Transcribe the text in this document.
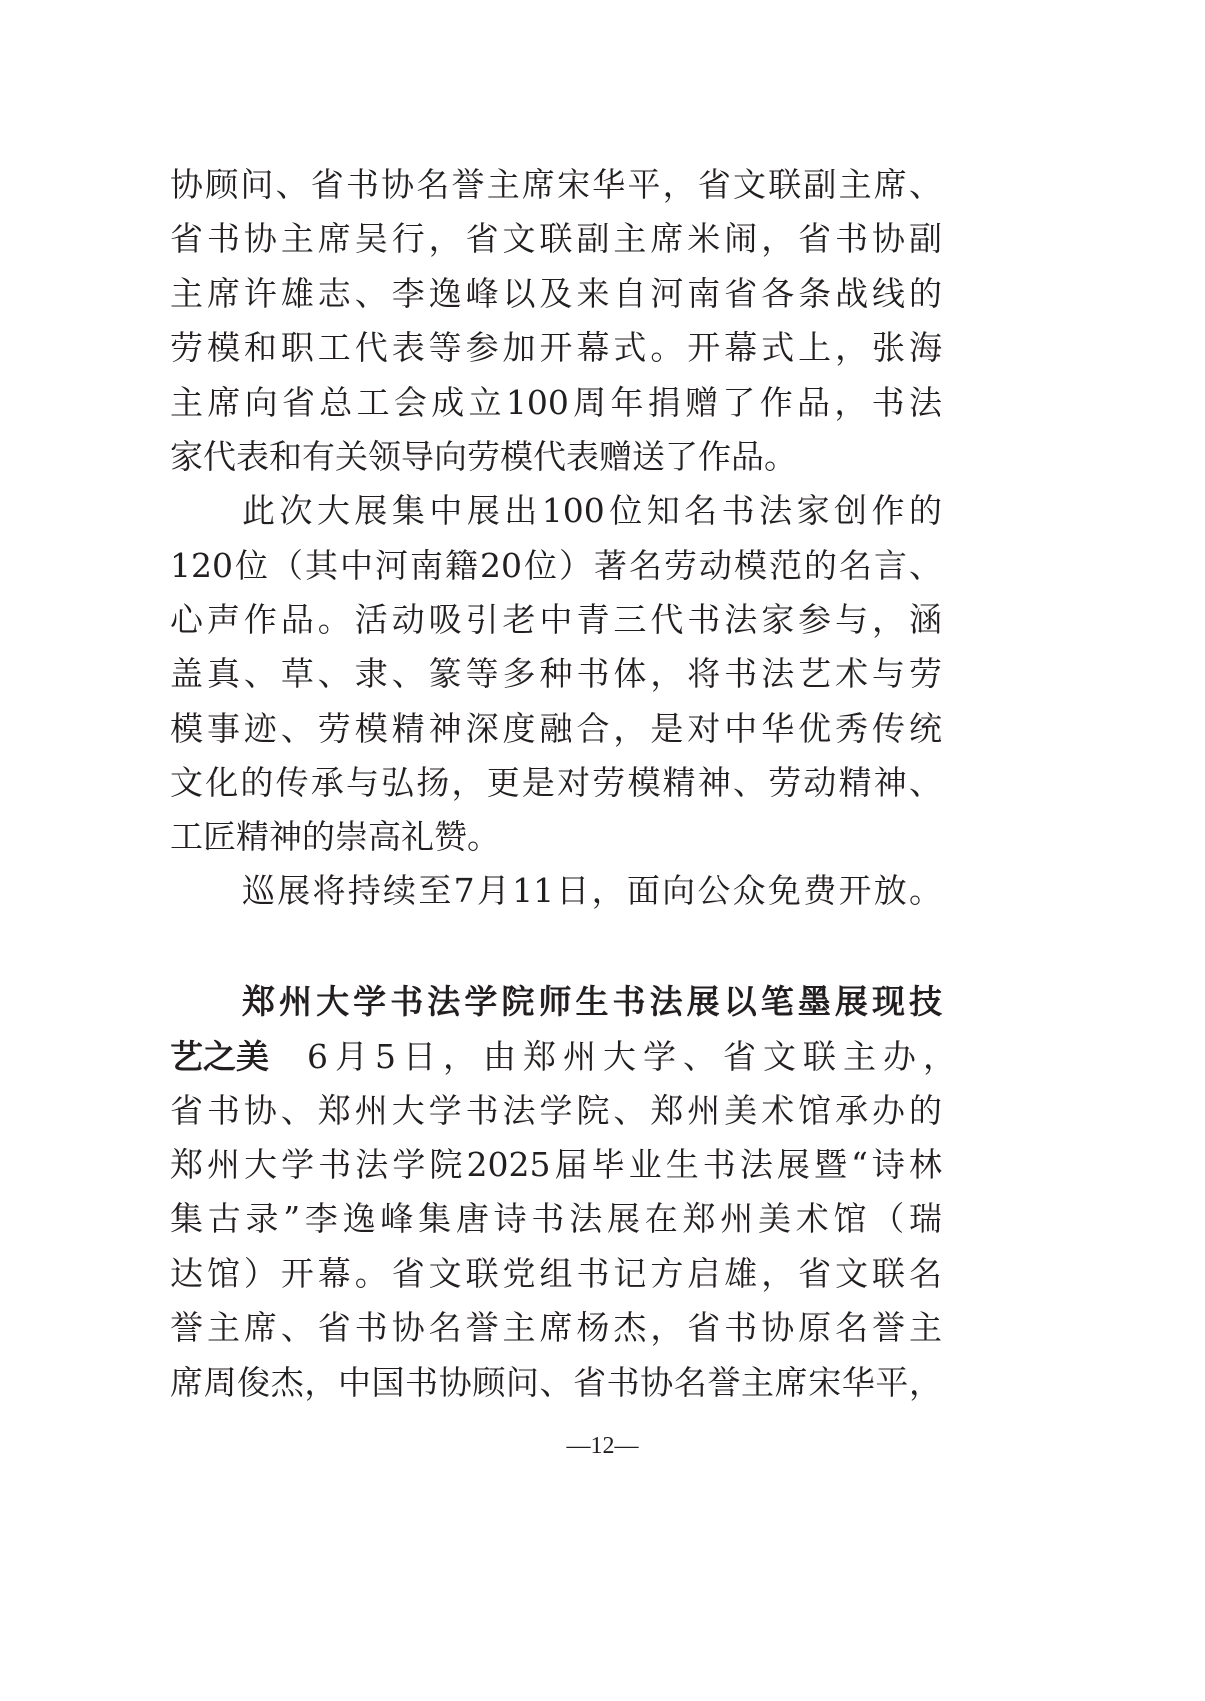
协顾问、省书协名誉主席宋华平，省文联副主席、
省书协主席吴行，省文联副主席米闹，省书协副
主席许雄志、李逸峰以及来自河南省各条战线的
劳模和职工代表等参加开幕式。开幕式上，张海
主席向省总工会成立100周年捐赠了作品，书法
家代表和有关领导向劳模代表赠送了作品。
此次大展集中展出100位知名书法家创作的
120位（其中河南籍20位）著名劳动模范的名言、
心声作品。活动吸引老中青三代书法家参与，涵
盖真、草、隶、篆等多种书体，将书法艺术与劳
模事迹、劳模精神深度融合，是对中华优秀传统
文化的传承与弘扬，更是对劳模精神、劳动精神、
工匠精神的崇高礼赞。
巡展将持续至7月11日，面向公众免费开放。
郑州大学书法学院师生书法展以笔墨展现技
艺之美 6月5日，由郑州大学、省文联主办，
省书协、郑州大学书法学院、郑州美术馆承办的
郑州大学书法学院2025届毕业生书法展暨“诗林
集古录”李逸峰集唐诗书法展在郑州美术馆（瑞
达馆）开幕。省文联党组书记方启雄，省文联名
誉主席、省书协名誉主席杨杰，省书协原名誉主
席周俊杰，中国书协顾问、省书协名誉主席宋华平，
—12—
